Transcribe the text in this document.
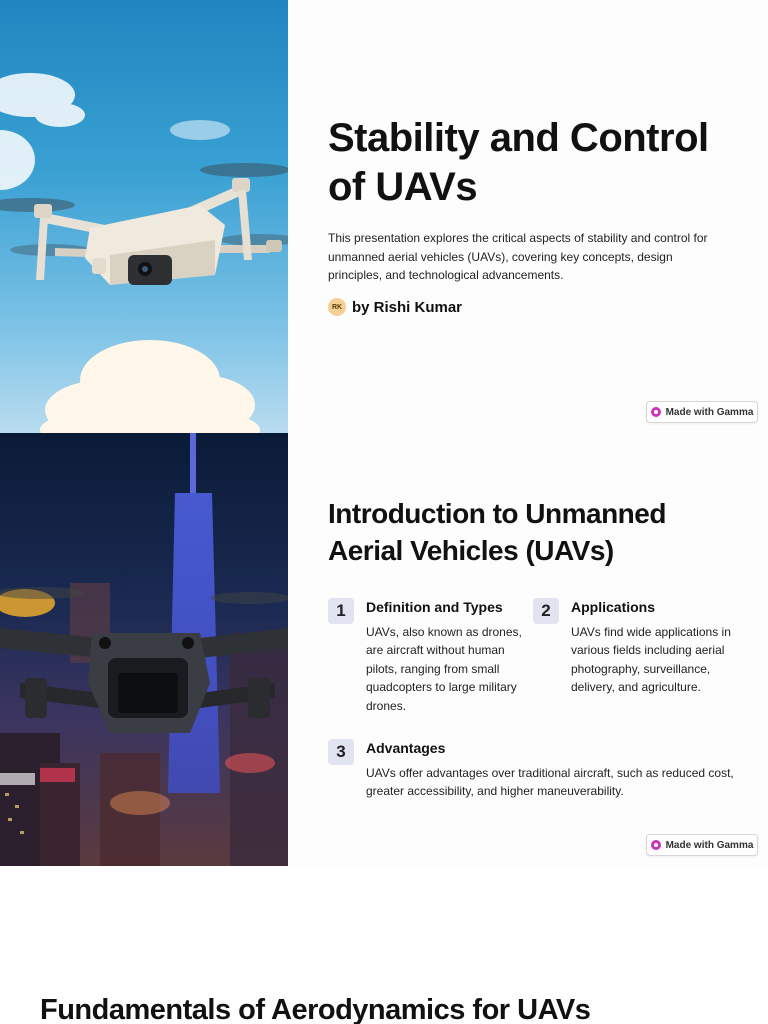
Stability and Control of UAVs

This presentation explores the critical aspects of stability and control for unmanned aerial vehicles (UAVs), covering key concepts, design principles, and technological advancements.

RK by Rishi Kumar
Made with Gamma
Introduction to Unmanned Aerial Vehicles (UAVs)
1	Definition and Types

UAVs, also known as drones, are aircraft without human pilots, ranging from small quadcopters to large military drones.

2	Applications

UAVs find wide applications in various fields including aerial photography, surveillance, delivery, and agriculture.

3	Advantages

UAVs offer advantages over traditional aircraft, such as reduced cost, greater accessibility, and higher maneuverability.

Made with Gamma
Fundamentals of Aerodynamics for UAVs
